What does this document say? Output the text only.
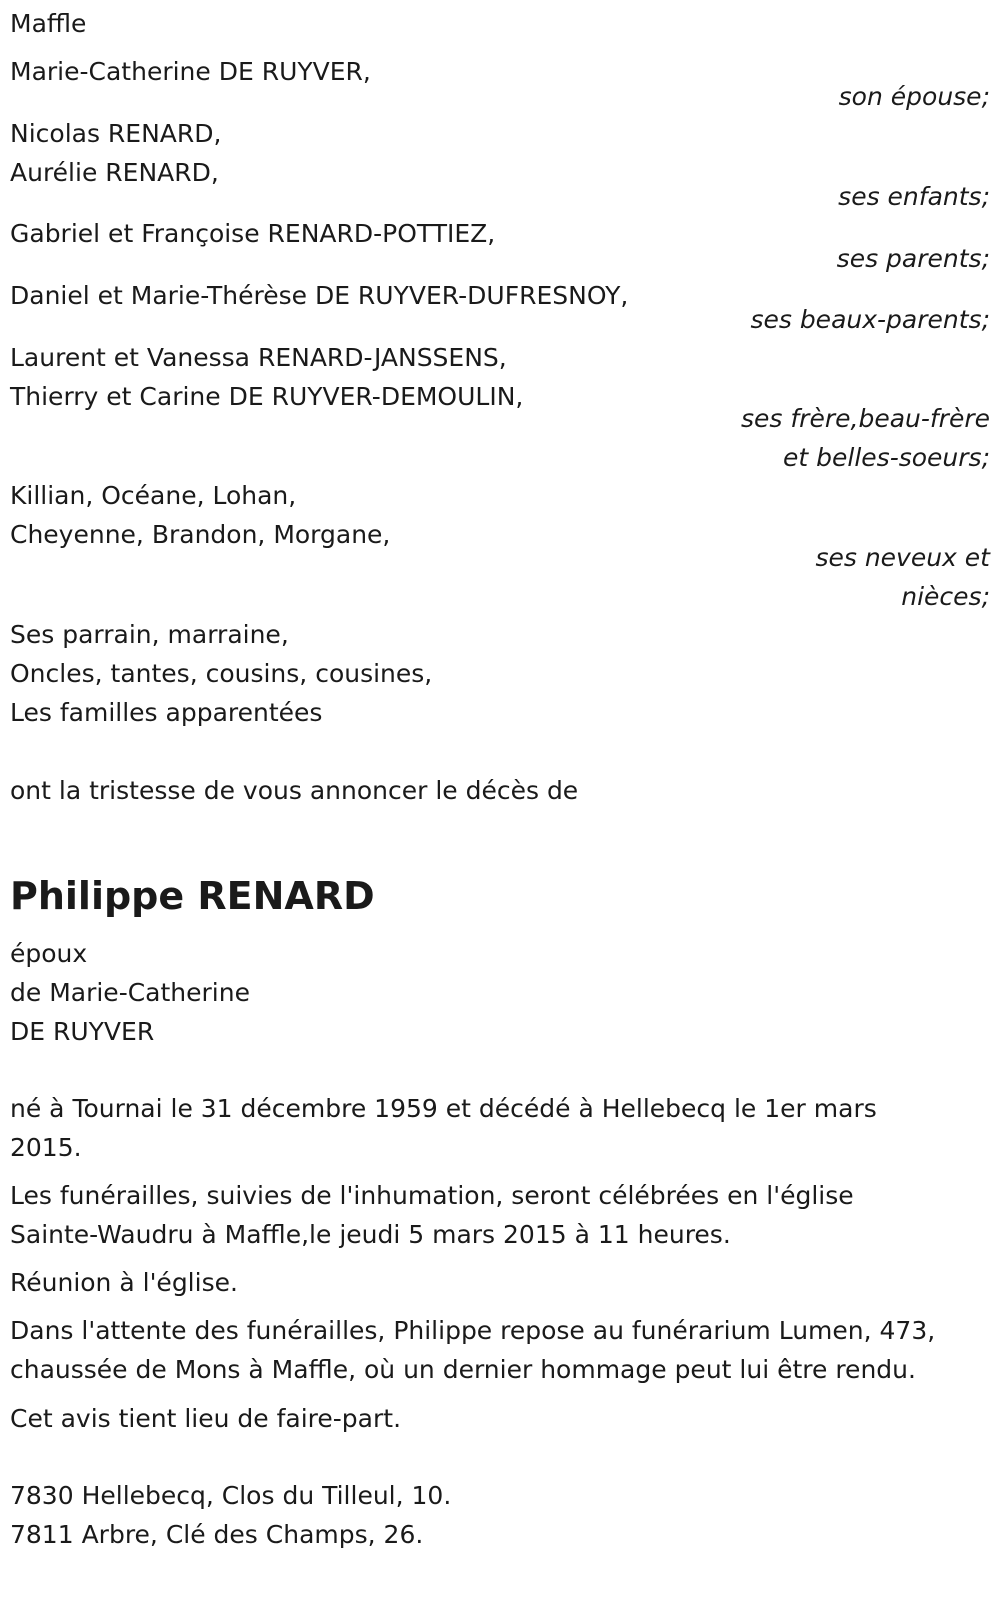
Maffle
Marie-Catherine DE RUYVER,
son épouse;
Nicolas RENARD,
Aurélie RENARD,
ses enfants;
Gabriel et Françoise RENARD-POTTIEZ,
ses parents;
Daniel et Marie-Thérèse DE RUYVER-DUFRESNOY,
ses beaux-parents;
Laurent et Vanessa RENARD-JANSSENS,
Thierry et Carine DE RUYVER-DEMOULIN,
ses frère,beau-frère
et belles-soeurs;
Killian, Océane, Lohan,
Cheyenne, Brandon, Morgane,
ses neveux et
nièces;
Ses parrain, marraine,
Oncles, tantes, cousins, cousines,
Les familles apparentées
ont la tristesse de vous annoncer le décès de
Philippe RENARD
époux
de Marie-Catherine
DE RUYVER
né à Tournai le 31 décembre 1959 et décédé à Hellebecq le 1er mars
2015.
Les funérailles, suivies de l'inhumation, seront célébrées en l'église
Sainte-Waudru à Maffle,le jeudi 5 mars 2015 à 11 heures.
Réunion à l'église.
Dans l'attente des funérailles, Philippe repose au funérarium Lumen, 473,
chaussée de Mons à Maffle, où un dernier hommage peut lui être rendu.
Cet avis tient lieu de faire-part.
7830 Hellebecq, Clos du Tilleul, 10.
7811 Arbre, Clé des Champs, 26.
